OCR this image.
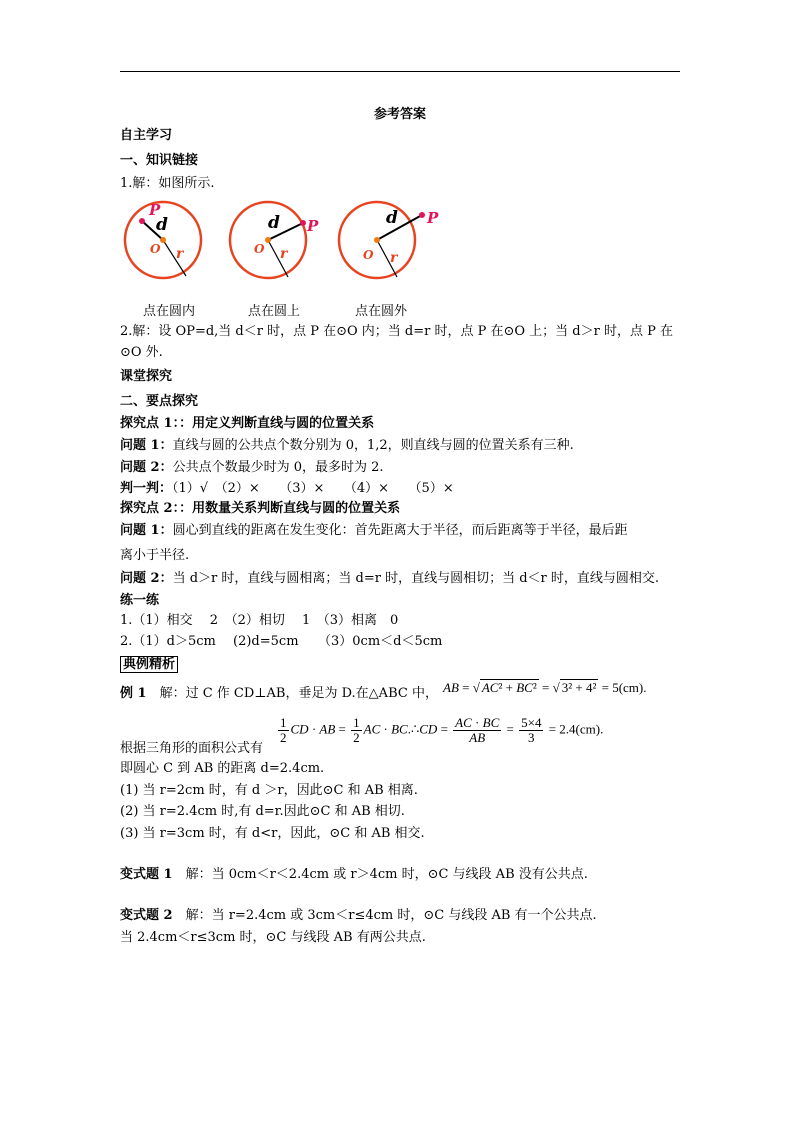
参考答案
自主学习
一、知识链接
1.解：如图所示.
P
d
O r
P
d
O r
P
d
O r
点在圆内	点在圆上	点在圆外
2.解：设 OP=d,当 d＜r 时，点 P 在⊙O 内；当 d=r 时，点 P 在⊙O 上；当 d＞r 时，点 P 在
⊙O 外.
课堂探究
二、要点探究
探究点 1：：用定义判断直线与圆的位置关系
问题 1：直线与圆的公共点个数分别为 0，1,2，则直线与圆的位置关系有三种.
问题 2：公共点个数最少时为 0，最多时为 2.
判一判：（1）√　（2）×　　（3）×　　（4）×　　（5）×
探究点 2：：用数量关系判断直线与圆的位置关系
问题 1：圆心到直线的距离在发生变化：首先距离大于半径，而后距离等于半径，最后距
离小于半径.
问题 2：当 d＞r 时，直线与圆相离；当 d=r 时，直线与圆相切；当 d＜r 时，直线与圆相交.
练一练
1.（1）相交　 2　（2）相切　 1　（3）相离　0
2.（1）d＞5cm　 (2)d=5cm　　（3）0cm＜d＜5cm
典例精析
例 1　解：过 C 作 CD⊥AB，垂足为 D.在△ABC 中， AB = √ AC² + BC² = √ 3² + 4² = 5(cm).
$\frac{1}{2}$ CD · AB = $\frac{1}{2}$ AC · BC.∴CD = $\frac{AC \cdot BC}{AB} = \frac{5\times 4}{3} = 2.4(cm)$.
根据三角形的面积公式有
即圆心 C 到 AB 的距离 d=2.4cm.
(1) 当 r=2cm 时，有 d ＞r，因此⊙C 和 AB 相离.
(2) 当 r=2.4cm 时,有 d=r.因此⊙C 和 AB 相切.
(3) 当 r=3cm 时，有 d<r，因此，⊙C 和 AB 相交.
变式题 1　解：当 0cm＜r＜2.4cm 或 r＞4cm 时，⊙C 与线段 AB 没有公共点.
变式题 2　解：当 r=2.4cm 或 3cm＜r≤4cm 时，⊙C 与线段 AB 有一个公共点.
当 2.4cm＜r≤3cm 时，⊙C 与线段 AB 有两公共点.
